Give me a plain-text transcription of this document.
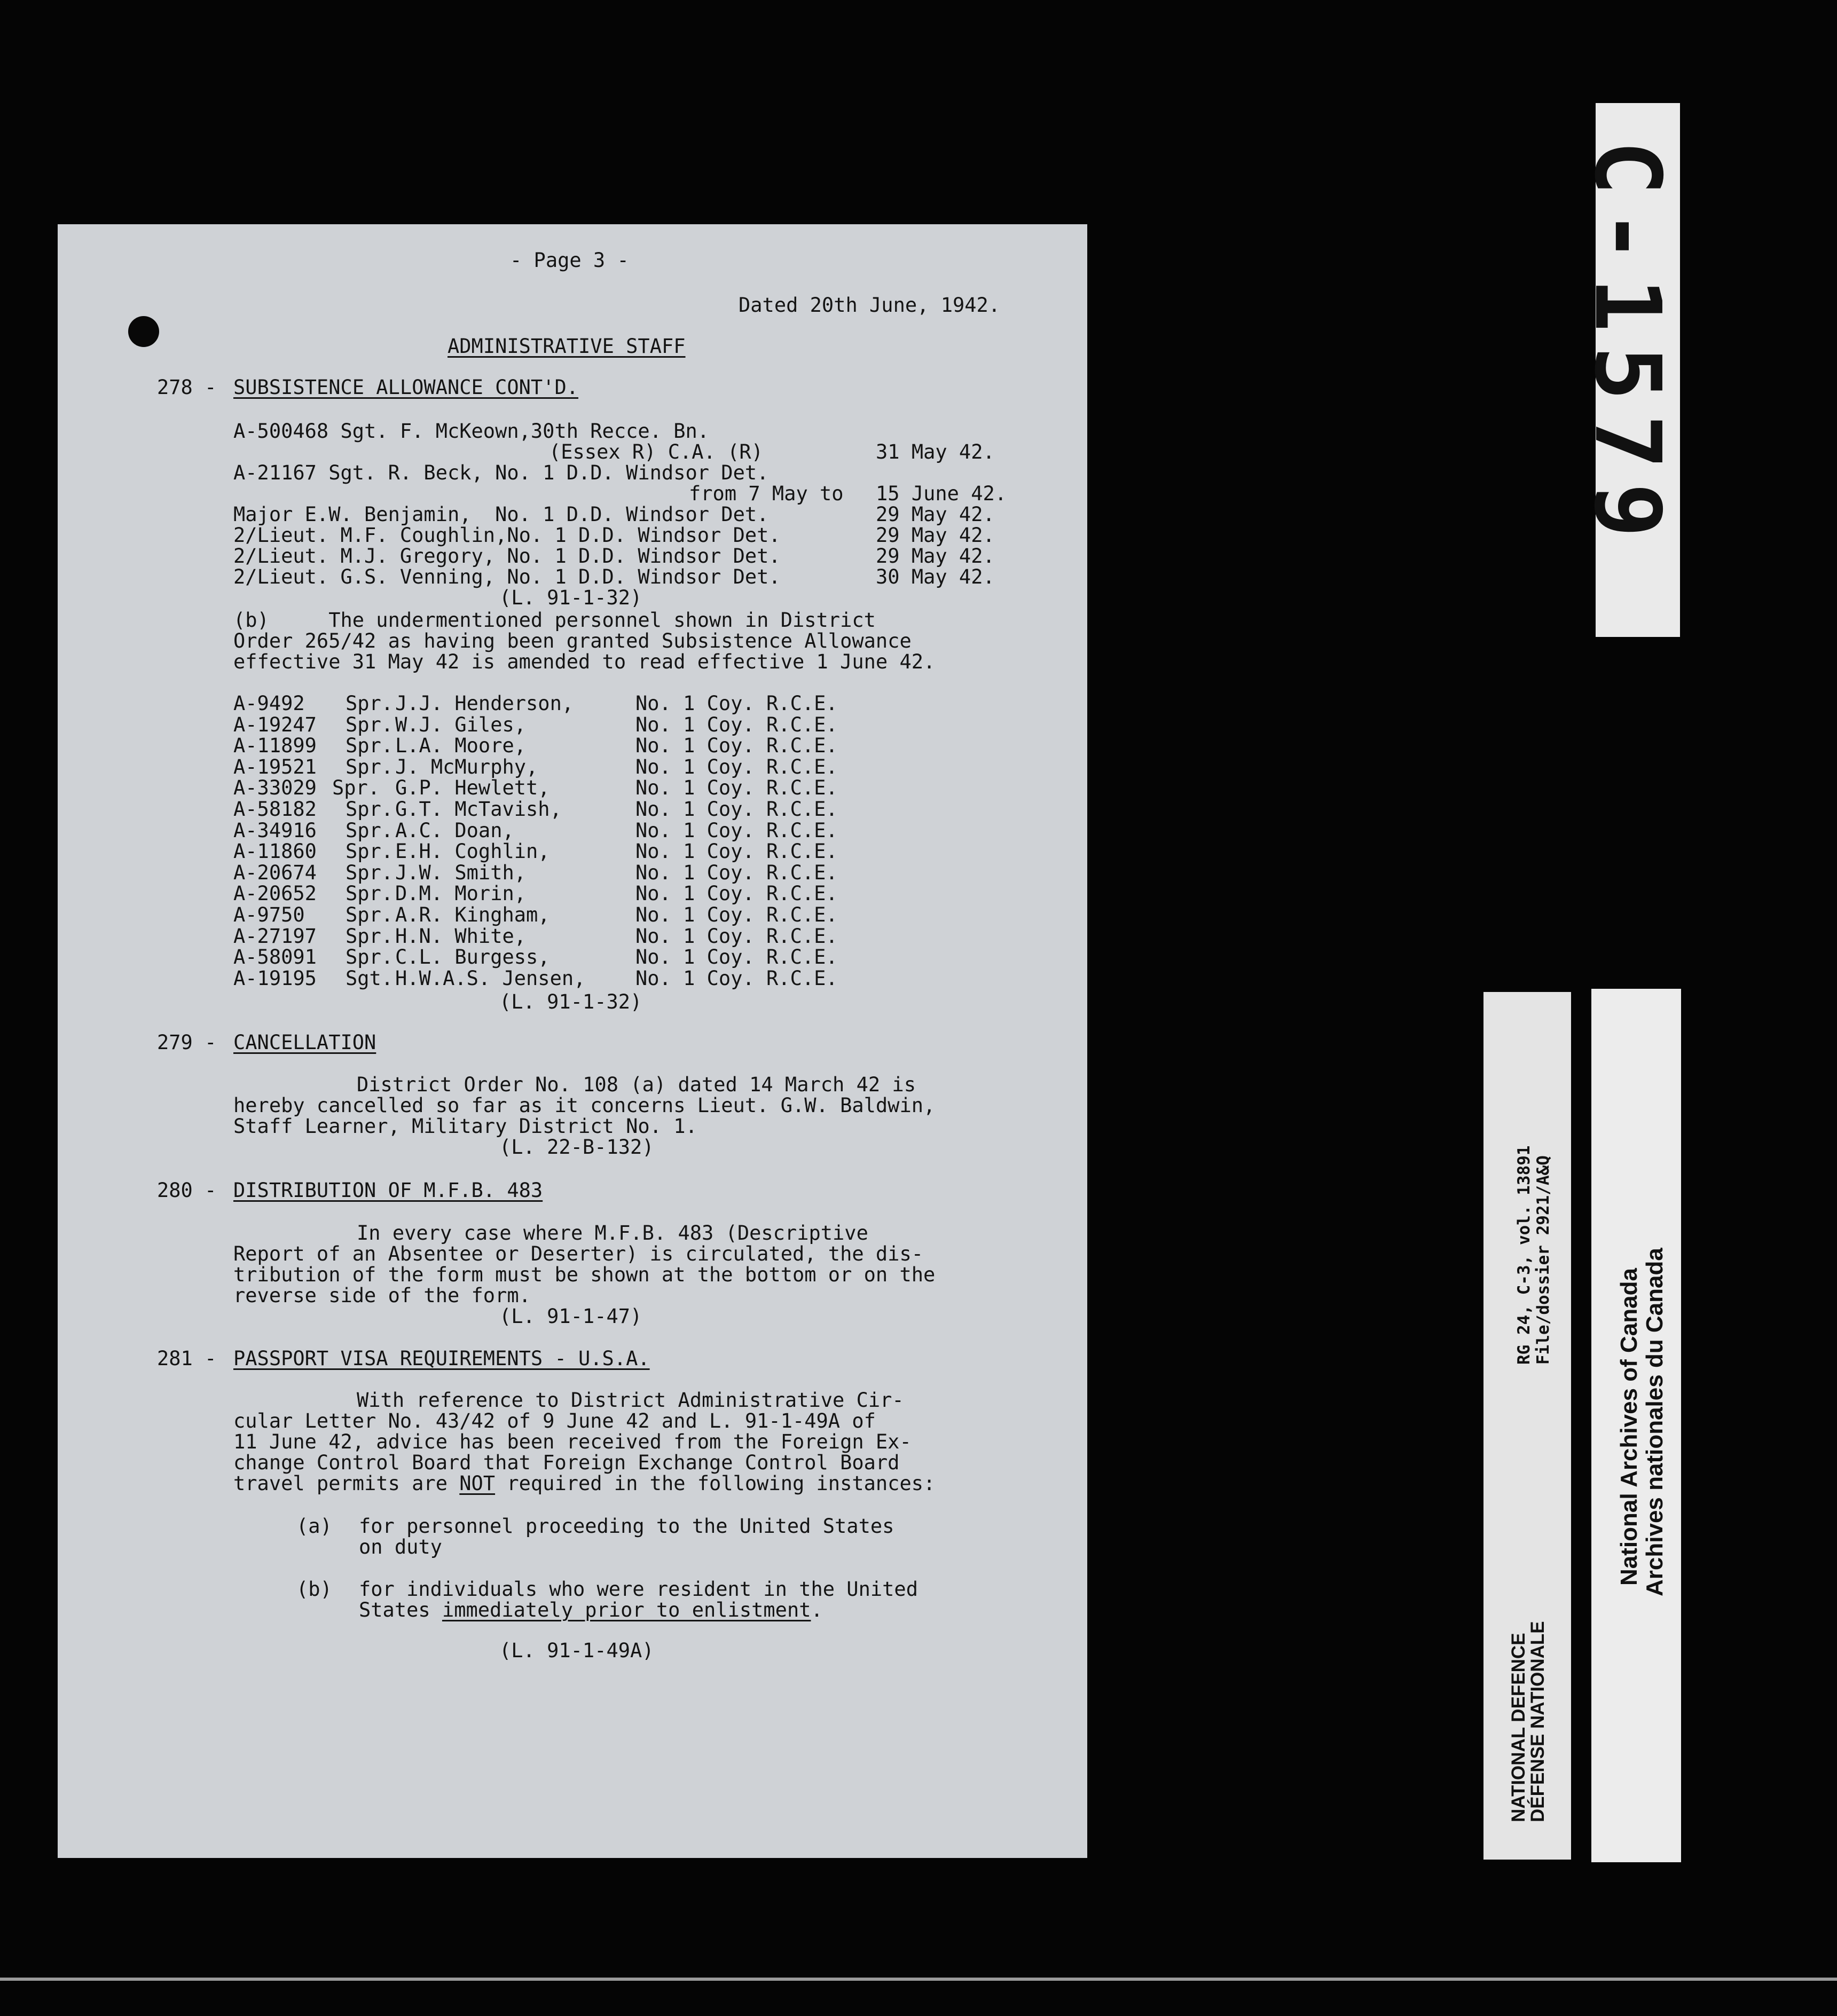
- Page 3 -
Dated 20th June, 1942.
ADMINISTRATIVE STAFF
278 - SUBSISTENCE ALLOWANCE CONT'D.
A-500468 Sgt. F. McKeown,30th Recce. Bn.
(Essex R) C.A. (R)	31 May 42.
A-21167 Sgt. R. Beck, No. 1 D.D. Windsor Det.
from 7 May to 15 June 42.
Major E.W. Benjamin,  No. 1 D.D. Windsor Det.	29 May 42.
2/Lieut. M.F. Coughlin,No. 1 D.D. Windsor Det.	29 May 42.
2/Lieut. M.J. Gregory, No. 1 D.D. Windsor Det.	29 May 42.
2/Lieut. G.S. Venning, No. 1 D.D. Windsor Det.	30 May 42.
(L. 91-1-32)
(b)     The undermentioned personnel shown in District
Order 265/42 as having been granted Subsistence Allowance
effective 31 May 42 is amended to read effective 1 June 42.
A-9492 Spr. J.J. Henderson,	No. 1 Coy. R.C.E.
A-19247 Spr. W.J. Giles,	No. 1 Coy. R.C.E.
A-11899 Spr. L.A. Moore,	No. 1 Coy. R.C.E.
A-19521 Spr. J. McMurphy,	No. 1 Coy. R.C.E.
A-33029 Spr. G.P. Hewlett,	No. 1 Coy. R.C.E.
A-58182 Spr. G.T. McTavish,	No. 1 Coy. R.C.E.
A-34916 Spr. A.C. Doan,	No. 1 Coy. R.C.E.
A-11860 Spr. E.H. Coghlin,	No. 1 Coy. R.C.E.
A-20674 Spr. J.W. Smith,	No. 1 Coy. R.C.E.
A-20652 Spr. D.M. Morin,	No. 1 Coy. R.C.E.
A-9750 Spr. A.R. Kingham,	No. 1 Coy. R.C.E.
A-27197 Spr. H.N. White,	No. 1 Coy. R.C.E.
A-58091 Spr. C.L. Burgess,	No. 1 Coy. R.C.E.
A-19195 Sgt. H.W.A.S. Jensen,	No. 1 Coy. R.C.E.
(L. 91-1-32)
279 - CANCELLATION
District Order No. 108 (a) dated 14 March 42 is
hereby cancelled so far as it concerns Lieut. G.W. Baldwin,
Staff Learner, Military District No. 1.
(L. 22-B-132)
280 - DISTRIBUTION OF M.F.B. 483
In every case where M.F.B. 483 (Descriptive
Report of an Absentee or Deserter) is circulated, the dis-
tribution of the form must be shown at the bottom or on the
reverse side of the form.
(L. 91-1-47)
281 - PASSPORT VISA REQUIREMENTS - U.S.A.
With reference to District Administrative Cir-
cular Letter No. 43/42 of 9 June 42 and L. 91-1-49A of
11 June 42, advice has been received from the Foreign Ex-
change Control Board that Foreign Exchange Control Board
travel permits are NOT required in the following instances:
(a) for personnel proceeding to the United States
on duty
(b) for individuals who were resident in the United
States immediately prior to enlistment.
(L. 91-1-49A)
C-1579
NATIONAL DEFENCE
DÉFENSE NATIONALE
RG 24, C-3, vol. 13891 File/dossier 2921/A&Q
National Archives of Canada Archives nationales du Canada
